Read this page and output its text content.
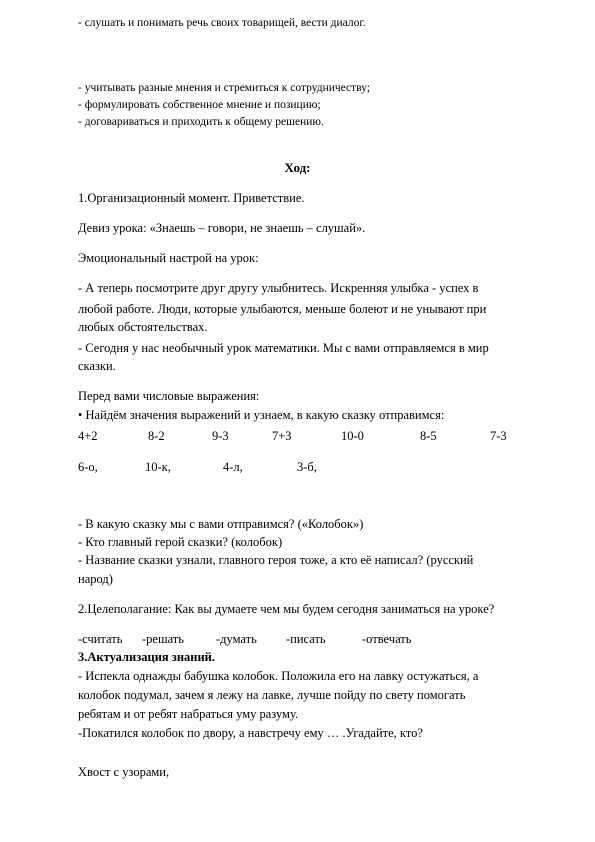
- слушать и понимать речь своих товарищей, вести диалог.
- учитывать разные мнения и стремиться к сотрудничеству;
- формулировать собственное мнение и позицию;
- договариваться и приходить к общему решению.
Ход:
1.Организационный момент. Приветствие.
Девиз урока: «Знаешь – говори, не знаешь – слушай».
Эмоциональный настрой на урок:
- А теперь посмотрите друг другу улыбнитесь. Искренняя улыбка - успех в
любой работе. Люди, которые улыбаются, меньше болеют и не унывают при
любых обстоятельствах.
- Сегодня у нас необычный урок математики. Мы с вами отправляемся в мир
сказки.
Перед вами числовые выражения:
• Найдём значения выражений и узнаем, в какую сказку отправимся:
4+2	8-2	9-3	7+3	10-0	8-5	7-3
6-о,	10-к,	4-л,	3-б,
- В какую сказку мы с вами отправимся? («Колобок»)
- Кто главный герой сказки? (колобок)
- Название сказки узнали, главного героя тоже, а кто её написал? (русский
народ)
2.Целеполагание: Как вы думаете чем мы будем сегодня заниматься на уроке?
-считать -решать	-думать -писать	-отвечать
3.Актуализация знаний.
- Испекла однажды бабушка колобок. Положила его на лавку остужаться, а
колобок подумал, зачем я лежу на лавке, лучше пойду по свету помогать
ребятам и от ребят набраться уму разуму.
-Покатился колобок по двору, а навстречу ему … .Угадайте, кто?
Хвост с узорами,
